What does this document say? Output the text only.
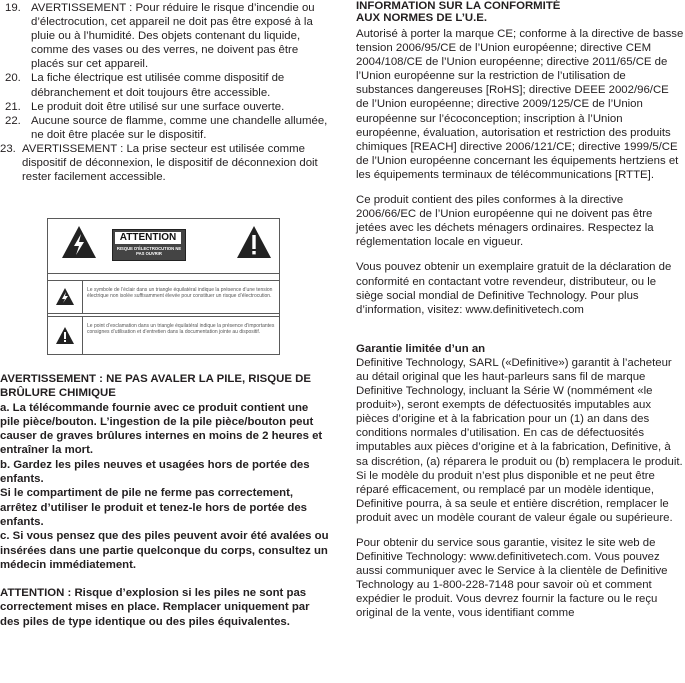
19. AVERTISSEMENT : Pour réduire le risque d’incendie ou d’électrocution, cet appareil ne doit pas être exposé à la pluie ou à l’humidité. Des objets contenant du liquide, comme des vases ou des verres, ne doivent pas être placés sur cet appareil.
20. La fiche électrique est utilisée comme dispositif de débranchement et doit toujours être accessible.
21. Le produit doit être utilisé sur une surface ouverte.
22. Aucune source de flamme, comme une chandelle allumée, ne doit être placée sur le dispositif.
23. AVERTISSEMENT : La prise secteur est utilisée comme dispositif de déconnexion, le dispositif de déconnexion doit rester facilement accessible.
ATTENTION
RISQUE D'ÉLECTROCUTION NE PAS OUVRIR
Le symbole de l’éclair dans un triangle équilatéral indique la présence d’une tension électrique non isolée suffisamment élevée pour constituer un risque d’électrocution.
Le point d’exclamation dans un triangle équilatéral indique la présence d’importantes consignes d’utilisation et d’entretien dans la documentation jointe au dispositif.

AVERTISSEMENT : NE PAS AVALER LA PILE, RISQUE DE BRÛLURE CHIMIQUE

a. La télécommande fournie avec ce produit contient une pile pièce/bouton. L’ingestion de la pile pièce/bouton peut causer de graves brûlures internes en moins de 2 heures et entraîner la mort.

b. Gardez les piles neuves et usagées hors de portée des enfants.

Si le compartiment de pile ne ferme pas correctement, arrêtez d’utiliser le produit et tenez-le hors de portée des enfants.

c. Si vous pensez que des piles peuvent avoir été avalées ou insérées dans une partie quelconque du corps, consultez un médecin immédiatement.

ATTENTION : Risque d’explosion si les piles ne sont pas correctement mises en place. Remplacer uniquement par des piles de type identique ou des piles équivalentes.

INFORMATION SUR LA CONFORMITÉ
AUX NORMES DE L’U.E.

Autorisé à porter la marque CE; conforme à la directive de basse tension 2006/95/CE de l’Union européenne; directive CEM 2004/108/CE de l’Union européenne; directive 2011/65/CE de l’Union européenne sur la restriction de l’utilisation de substances dangereuses [RoHS]; directive DEEE 2002/96/CE de l’Union européenne; directive 2009/125/CE de l’Union européenne sur l’écoconception; inscription à l’Union européenne, évaluation, autorisation et restriction des produits chimiques [REACH] directive 2006/121/CE; directive 1999/5/CE de l’Union européenne concernant les équipements hertziens et les équipements terminaux de télécommunications [RTTE].

Ce produit contient des piles conformes à la directive 2006/66/EC de l’Union européenne qui ne doivent pas être jetées avec les déchets ménagers ordinaires. Respectez la réglementation locale en vigueur.

Vous pouvez obtenir un exemplaire gratuit de la déclaration de conformité en contactant votre revendeur, distributeur, ou le siège social mondial de Definitive Technology. Pour plus d’information, visitez: www.definitivetech.com

Garantie limitée d’un an

Definitive Technology, SARL («Definitive») garantit à l’acheteur au détail original que les haut-parleurs sans fil de marque Definitive Technology, incluant la Série W (nommément «le produit»), seront exempts de défectuosités imputables aux pièces d’origine et à la fabrication pour un (1) an dans des conditions normales d’utilisation. En cas de défectuosités imputables aux pièces d’origine et à la fabrication, Definitive, à sa discrétion, (a) réparera le produit ou (b) remplacera le produit. Si le modèle du produit n’est plus disponible et ne peut être réparé efficacement, ou remplacé par un modèle identique, Definitive pourra, à sa seule et entière discrétion, remplacer le produit avec un modèle courant de valeur égale ou supérieure.

Pour obtenir du service sous garantie, visitez le site web de Definitive Technology: www.definitivetech.com. Vous pouvez aussi communiquer avec le Service à la clientèle de Definitive Technology au 1-800-228-7148 pour savoir où et comment expédier le produit. Vous devrez fournir la facture ou le reçu original de la vente, vous identifiant comme
